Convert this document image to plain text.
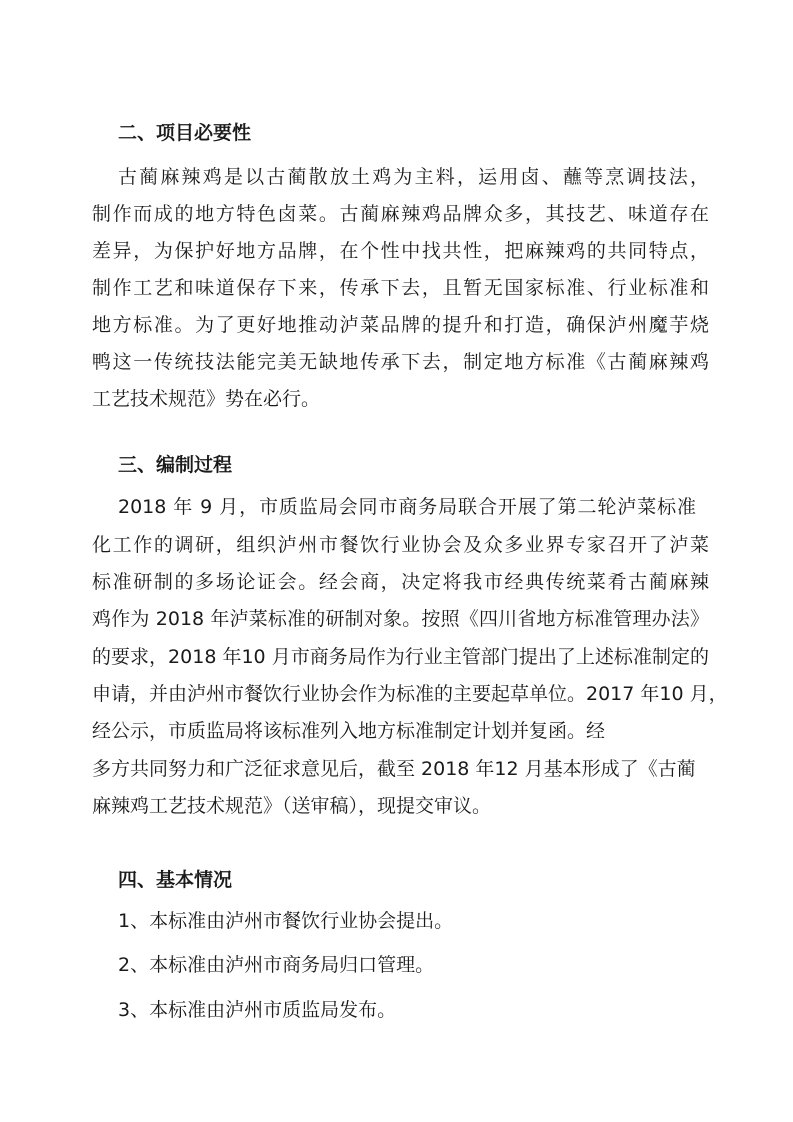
二、项目必要性
古蔺麻辣鸡是以古蔺散放土鸡为主料，运用卤、蘸等烹调技法，
制作而成的地方特色卤菜。古蔺麻辣鸡品牌众多，其技艺、味道存在
差异，为保护好地方品牌，在个性中找共性，把麻辣鸡的共同特点，
制作工艺和味道保存下来，传承下去，且暂无国家标准、行业标准和
地方标准。为了更好地推动泸菜品牌的提升和打造，确保泸州魔芋烧
鸭这一传统技法能完美无缺地传承下去，制定地方标准《古蔺麻辣鸡
工艺技术规范》势在必行。
三、编制过程
2018 年 9 月，市质监局会同市商务局联合开展了第二轮泸菜标准
化工作的调研，组织泸州市餐饮行业协会及众多业界专家召开了泸菜
标准研制的多场论证会。经会商，决定将我市经典传统菜肴古蔺麻辣
鸡作为 2018 年泸菜标准的研制对象。按照《四川省地方标准管理办法》
的要求，2018 年10 月市商务局作为行业主管部门提出了上述标准制定的
申请，并由泸州市餐饮行业协会作为标准的主要起草单位。2017 年10 月，
经公示，市质监局将该标准列入地方标准制定计划并复函。经
多方共同努力和广泛征求意见后，截至 2018 年12 月基本形成了《古蔺
麻辣鸡工艺技术规范》（送审稿），现提交审议。
四、基本情况
1、本标准由泸州市餐饮行业协会提出。
2、本标准由泸州市商务局归口管理。
3、本标准由泸州市质监局发布。
